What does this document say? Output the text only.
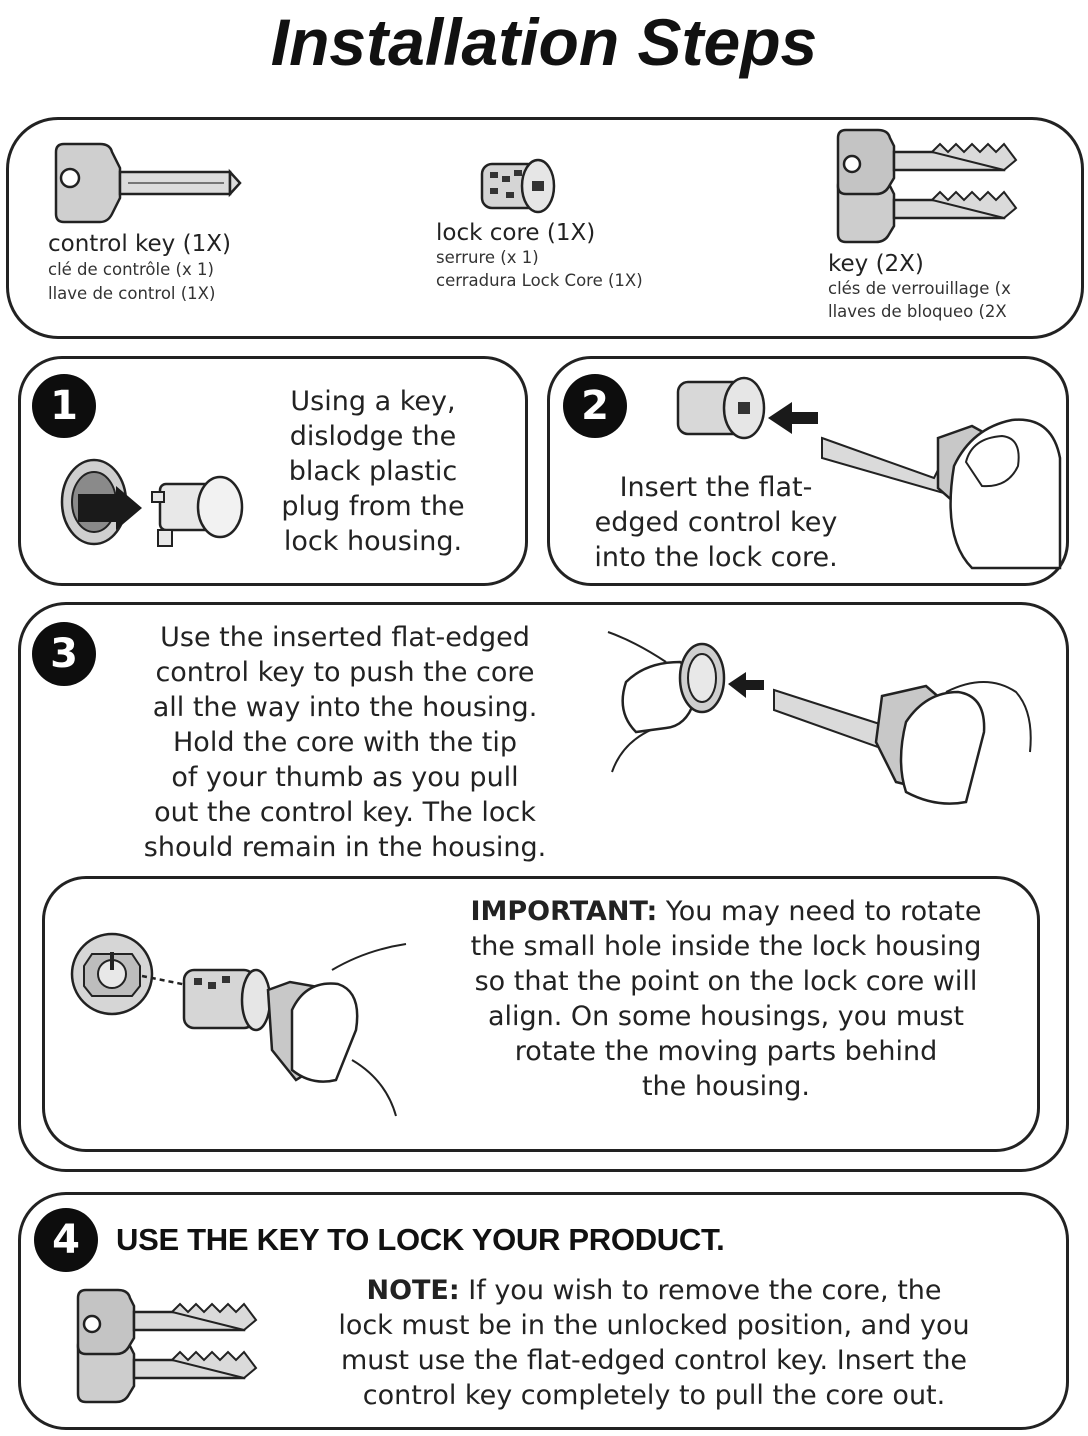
Installation Steps
control key (1X)
clé de contrôle (x 1)
llave de control (1X)
lock core (1X)
serrure (x 1)
cerradura Lock Core (1X)
key (2X)
clés de verrouillage (x
llaves de bloqueo (2X
1	Using a key,
dislodge the
black plastic
plug from the
lock housing.
2
Insert the flat-
edged control key
into the lock core.
3	Use the inserted flat-edged
control key to push the core
all the way into the housing.
Hold the core with the tip
of your thumb as you pull
out the control key. The lock
should remain in the housing.
IMPORTANT: You may need to rotate
the small hole inside the lock housing
so that the point on the lock core will
align. On some housings, you must
rotate the moving parts behind
the housing.
4	USE THE KEY TO LOCK YOUR PRODUCT.
NOTE: If you wish to remove the core, the
lock must be in the unlocked position, and you
must use the flat-edged control key. Insert the
control key completely to pull the core out.
